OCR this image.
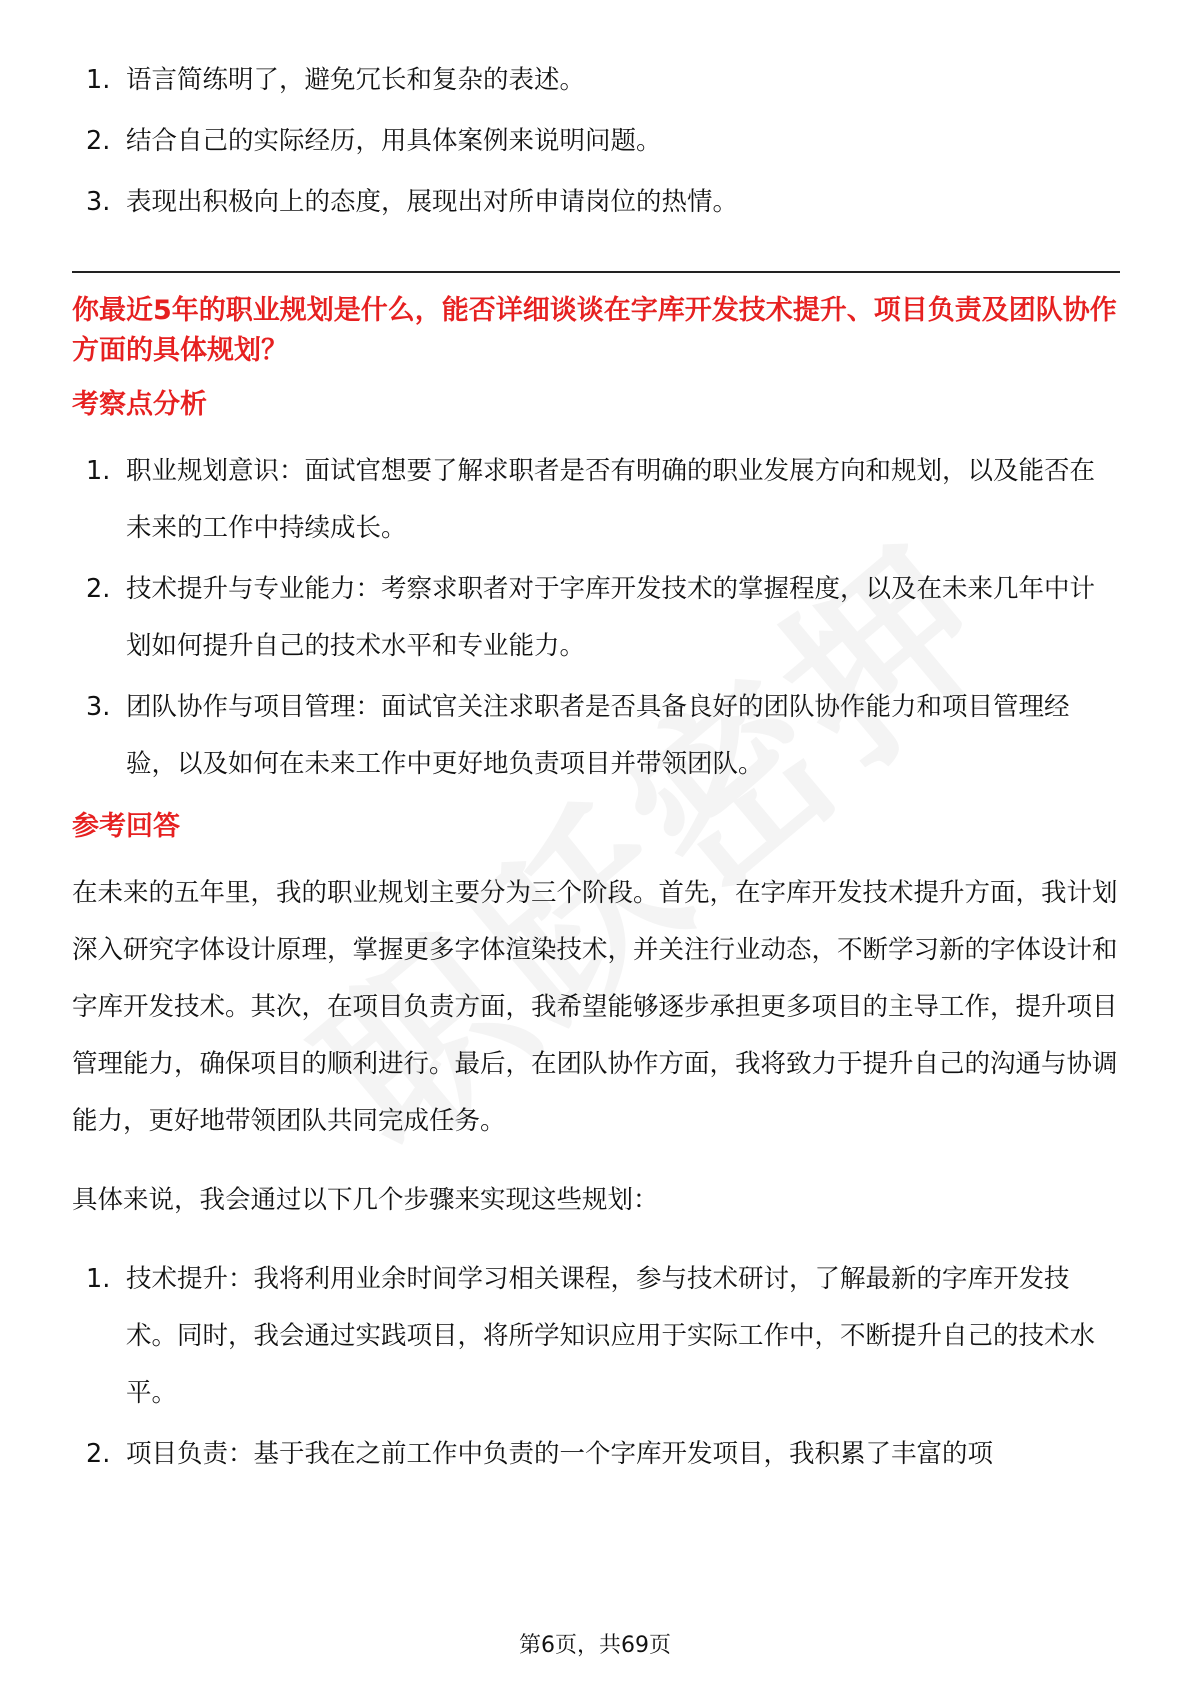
1. 语言简练明了，避免冗长和复杂的表述。
2. 结合自己的实际经历，用具体案例来说明问题。
3. 表现出积极向上的态度，展现出对所申请岗位的热情。
你最近5年的职业规划是什么，能否详细谈谈在字库开发技术提升、项目负责及团队协作方面的具体规划？
考察点分析
1. 职业规划意识：面试官想要了解求职者是否有明确的职业发展方向和规划，以及能否在未来的工作中持续成长。
2. 技术提升与专业能力：考察求职者对于字库开发技术的掌握程度，以及在未来几年中计划如何提升自己的技术水平和专业能力。
3. 团队协作与项目管理：面试官关注求职者是否具备良好的团队协作能力和项目管理经验，以及如何在未来工作中更好地负责项目并带领团队。
参考回答

在未来的五年里，我的职业规划主要分为三个阶段。首先，在字库开发技术提升方面，我计划深入研究字体设计原理，掌握更多字体渲染技术，并关注行业动态，不断学习新的字体设计和字库开发技术。其次，在项目负责方面，我希望能够逐步承担更多项目的主导工作，提升项目管理能力，确保项目的顺利进行。最后，在团队协作方面，我将致力于提升自己的沟通与协调能力，更好地带领团队共同完成任务。

具体来说，我会通过以下几个步骤来实现这些规划：

1. 技术提升：我将利用业余时间学习相关课程，参与技术研讨，了解最新的字库开发技术。同时，我会通过实践项目，将所学知识应用于实际工作中，不断提升自己的技术水平。
2. 项目负责：基于我在之前工作中负责的一个字库开发项目，我积累了丰富的项
第6页，共69页
